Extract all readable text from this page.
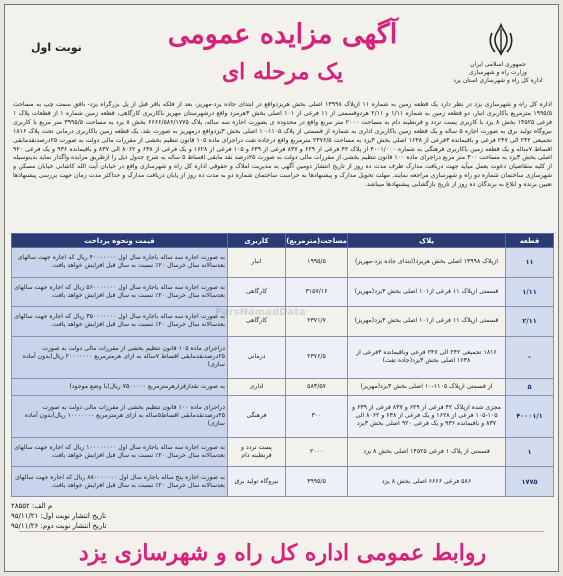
جمهوری اسلامی ایران
وزارت راه و شهرسازی
اداره کل راه و شهرسازی استان یزد
آگهی مزایده عمومی
یک مرحله ای
نوبت اول
اداره کل راه و شهرسازی یزد در نظر دارد یک قطعه زمین به شماره ۱۱ ازپلاک ۱۳۹۹۸ اصلی بخش هریزدواقع در ابتدای جاده یزد-مهریز، بعد از فلکه باقر قبل از پل بزرگراه یزد- بافق سمت چپ به مساحت ۱۹۹۵/۵ مترمربع باکاربری انبار، دو قطعه زمین به شماره ۱/۱۱ و ۲/۱۱ هردوقسمتی از ۱۱ فرعی از ۱۰۱ اصلی بخش ۳هرمزد واقع درشهرستان مهریز باکاربری کارگاهی، قطعه زمین شماره ۱ از قطعات پلاک ۱ فرعی ۱۴۵۲۵ بخش ۸ یزد با کاربری پست تردد و قرنطینه دام به مساحت ۲۰۰۰ متر مربع واقع در محدوده ی بصورت اجاره سه ساله، پلاک ۶۶۶۶/۵۸۶/۱۷۷۵ بخش ۸ یزد به مساحت ۳۹۹۵/۵ متر مربع با کاربری نیروگاه تولید برق به صورت اجاره ۵ ساله و یک قطعه زمین باکاربری اداری به شماره از قسمتی از پلاک ۱۱۰۵-۱۰ اصلی بخش ۳یزدواقع درمهریز به صورت نقد، یک قطعه زمین باکاربری درمانی تحت پلاک ۱۸۱۶ تجمیعی ۲۴۲ الی ۲۴۷ فرعی و باقیمانده ۳فرعی از ۱۶۳۸ اصلی بخش ۳یزد به مساحت ۲۳۷۶/۵ مترمربع واقع درجاده تفت دراجرای ماده ۱۰۵ قانون تنظیم بخشی از مقررات مالی دولت به صورت ۲۵درصدنقدمابقی اقساط ۷ساله و یک قطعه زمین باکاربری فرهنگی به شماره ۴۰۰۱/۰۰۰ از پلاک ۴۲ فرعی از ۶۲۹ و ۸۳۷ فرعی از ۶۳۹ و ۱۰۵ فرعی از ۱۶۲۸ و یک فرعی از ۶۳۸ و ۸۰۶۲ الی ۸۳۷ و باقیمانده ۹۳۶ و یک فرعی ۹۲۰ اصلی بخش ۳یزد به مساحت ۳۰۰ متر مربع دراجرای ماده ۱۰۰ قانون تنظیم بخشی از مقررات مالی دولت به صورت ۲۵درصد نقد مابقی اقساط ۵ ساله به شرح جدول ذیل را ازطریق مزایده واگذار نماید بدینوسیله از کلیه متقاضیان دعوت بعمل میآید جهت دریافت مدارک ظرف مدت ده روز از تاریخ انتشار دومین آگهی به مدیریت املاک و حقوقی اداره کل راه و شهرسازی واقع در خیابان آیت الله کاشانی خیابان مسکن و شهرسازی ساختمان شماره دو راه و شهرسازی مراجعه نمایند. مهلت تحویل مدارک و پیشنهادها به حراست ساختمان شماره دو به مدت ده روز از پایان دریافت مدارک و حداکثر مدت زمان جهت بررسی پیشنهادها تعیین برنده و ابلاغ به برندگان ده روز از تاریخ بازگشایی پیشنهادها میباشد.
قطعه	پلاک	مساحت(مترمربع)	کاربری	قیمت ونحوه پرداخت
۱۱	ازپلاک ۱۳۹۹۸ اصلی بخش هریزد(ابتدای جاده یزد-مهریز)	۱۹۹۵/۵	انبار	به صورت اجاره سه ساله باجاره سال اول ۴۰۰۰۰۰۰۰ ریال که اجاره جهت سالهای بعدسالانه سال خرسال ۲۰٪ نسبت به سال قبل افزایش خواهد یافت.
۱/۱۱	قسمتی ازپلاک ۱۱ فرعی از۱۰۱ اصلی بخش ۳یزد(مهریز)	۳۱۵۷/۱۶	کارگاهی	به صورت اجاره سه ساله باجاره سال اول ۵۶۰۰۰۰۰۰۰ ریال که اجاره جهت سالهای بعدسالانه سال خرسال ۲۰٪ نسبت به سال قبل افزایش خواهد یافت.
۲/۱۱	قسمتی ازپلاک ۱۱ فرعی از۱۰۱ اصلی بخش ۳یزد(مهریز)	۲۳۷۱/۷	کارگاهی	به صورت اجاره سه ساله باجاره سال اول ۳۵۰۰۰۰۰۰۰ ریال که اجاره جهت سالهای بعدسالانه سال خرسال ۲۰٪ نسبت به سال قبل افزایش خواهد یافت.
-	۱۸۱۶ تجمیعی ۲۴۲ الی ۲۴۷ فرعی وباقیمانده ۳فرعی از ۱۶۳۸ اصلی بخش ۳یزد(جاده تفت)	۲۳۷۶/۵	درمانی	دراجرای ماده ۱۰۵ قانون تنظیم بخشی از مقررات مالی دولت به صورت ۲۵درصدنقدمابقی اقساط ۷ساله به ازای هرمترمربع ۲۰۰۰۰۰۰۰ ریال(بدون آماده سازی)
۵	از قسمتی ازپلاک ۱۱۰۵-۱۰ اصلی بخش ۳یزد(مهریز)	۵۸۳/۵۷	اداری	به صورت نقدازقرارهرمترمربع ۷۵۰۰۰۰۰ ریال(با وضع موجود)
۴۰۰۰۱/۱	مجزی شده ازپلاک ۴۲ فرعی از ۶۲۹ و ۸۳۷ فرعی از ۶۳۹ و ۱۰۵-۱۰۵ فرعی از ۱۶۲۸ و یک فرعی از ۶۳۸ و ۸۰۶۲ الی ۸۳۷ و باقیمانده ۹۳۶ و یک فرعی ۹۲۰ اصلی بخش ۳یزد	۳۰۰	فرهنگی	دراجرای ماده ۱۰۰ قانون تنظیم بخشی از مقررات مالی دولت به صورت ۲۵درصدنقدمابقی اقساط۵ساله به ازای هرمترمربع ۱۰۰۰۰۰۰۰ ریال(بدون آماده سازی)
۱	قسمتی از پلاک ۱ فرعی ۱۴۵۲۵ اصلی بخش ۸ یزد	۲۰۰۰	پست تردد و قرنطینه دام	به صورت اجاره سه ساله باجاره سال اول ۱۰۰۰۰۰۰۰۰ ریال که اجاره جهت سالهای بعدسالانه سال خرسال ۲۰٪ نسبت به سال قبل افزایش خواهد یافت.
۱۷۷۵	۵۸۶ فرعی ۶۶۶۶ اصلی بخش ۸ یزد	۳۹۹۵/۵	نیروگاه تولید برق	به صورت اجاره پنج ساله باجاره سال اول ۸۸۰۰۰۰۰۰۰ ریال که اجاره جهت سالهای بعدسالانه سال خرسال ۲۰٪ نسبت به سال قبل افزایش خواهد یافت.
ParsNamadData
م الف: ۲۸۵۵۲
تاریخ انتشار نوبت اول: ۹۵/۱۱/۲۱
تاریخ انتشار نوبت دوم: ۹۵/۱۱/۲۶
روابط عمومی اداره کل راه و شهرسازی یزد
